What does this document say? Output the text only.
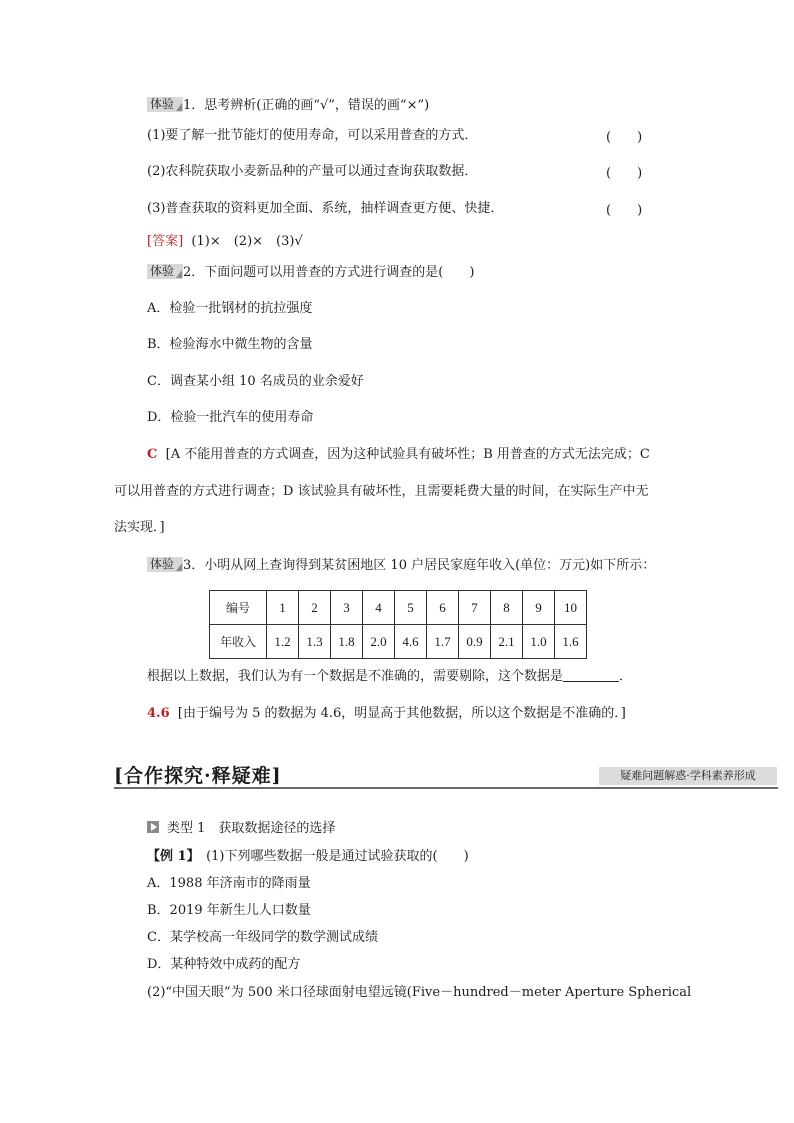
体验 1．思考辨析(正确的画“√”，错误的画“×”)
(1)要了解一批节能灯的使用寿命，可以采用普查的方式．	(　　)
(2)农科院获取小麦新品种的产量可以通过查询获取数据．	(　　)
(3)普查获取的资料更加全面、系统，抽样调查更方便、快捷．	(　　)
[答案] (1)×　(2)×　(3)√
体验 2．下面问题可以用普查的方式进行调查的是(　　)
A．检验一批钢材的抗拉强度
B．检验海水中微生物的含量
C．调查某小组 10 名成员的业余爱好
D．检验一批汽车的使用寿命
C [A 不能用普查的方式调查，因为这种试验具有破坏性；B 用普查的方式无法完成；C
可以用普查的方式进行调查；D 该试验具有破坏性，且需要耗费大量的时间，在实际生产中无
法实现．]
体验 3．小明从网上查询得到某贫困地区 10 户居民家庭年收入(单位：万元)如下所示：
编号	1	2	3	4	5	6	7	8	9	10
年收入	1.2	1.3	1.8	2.0	4.6	1.7	0.9	2.1	1.0	1.6
根据以上数据，我们认为有一个数据是不准确的，需要剔除，这个数据是	．
4.6 [由于编号为 5 的数据为 4.6，明显高于其他数据，所以这个数据是不准确的．]
[合作探究·释疑难]	疑难问题解惑·学科素养形成
类型 1　获取数据途径的选择
【例 1】　(1)下列哪些数据一般是通过试验获取的(　　)
A．1988 年济南市的降雨量
B．2019 年新生儿人口数量
C．某学校高一年级同学的数学测试成绩
D．某种特效中成药的配方
(2)“中国天眼”为 500 米口径球面射电望远镜(Five－hundred－meter Aperture Spherical
